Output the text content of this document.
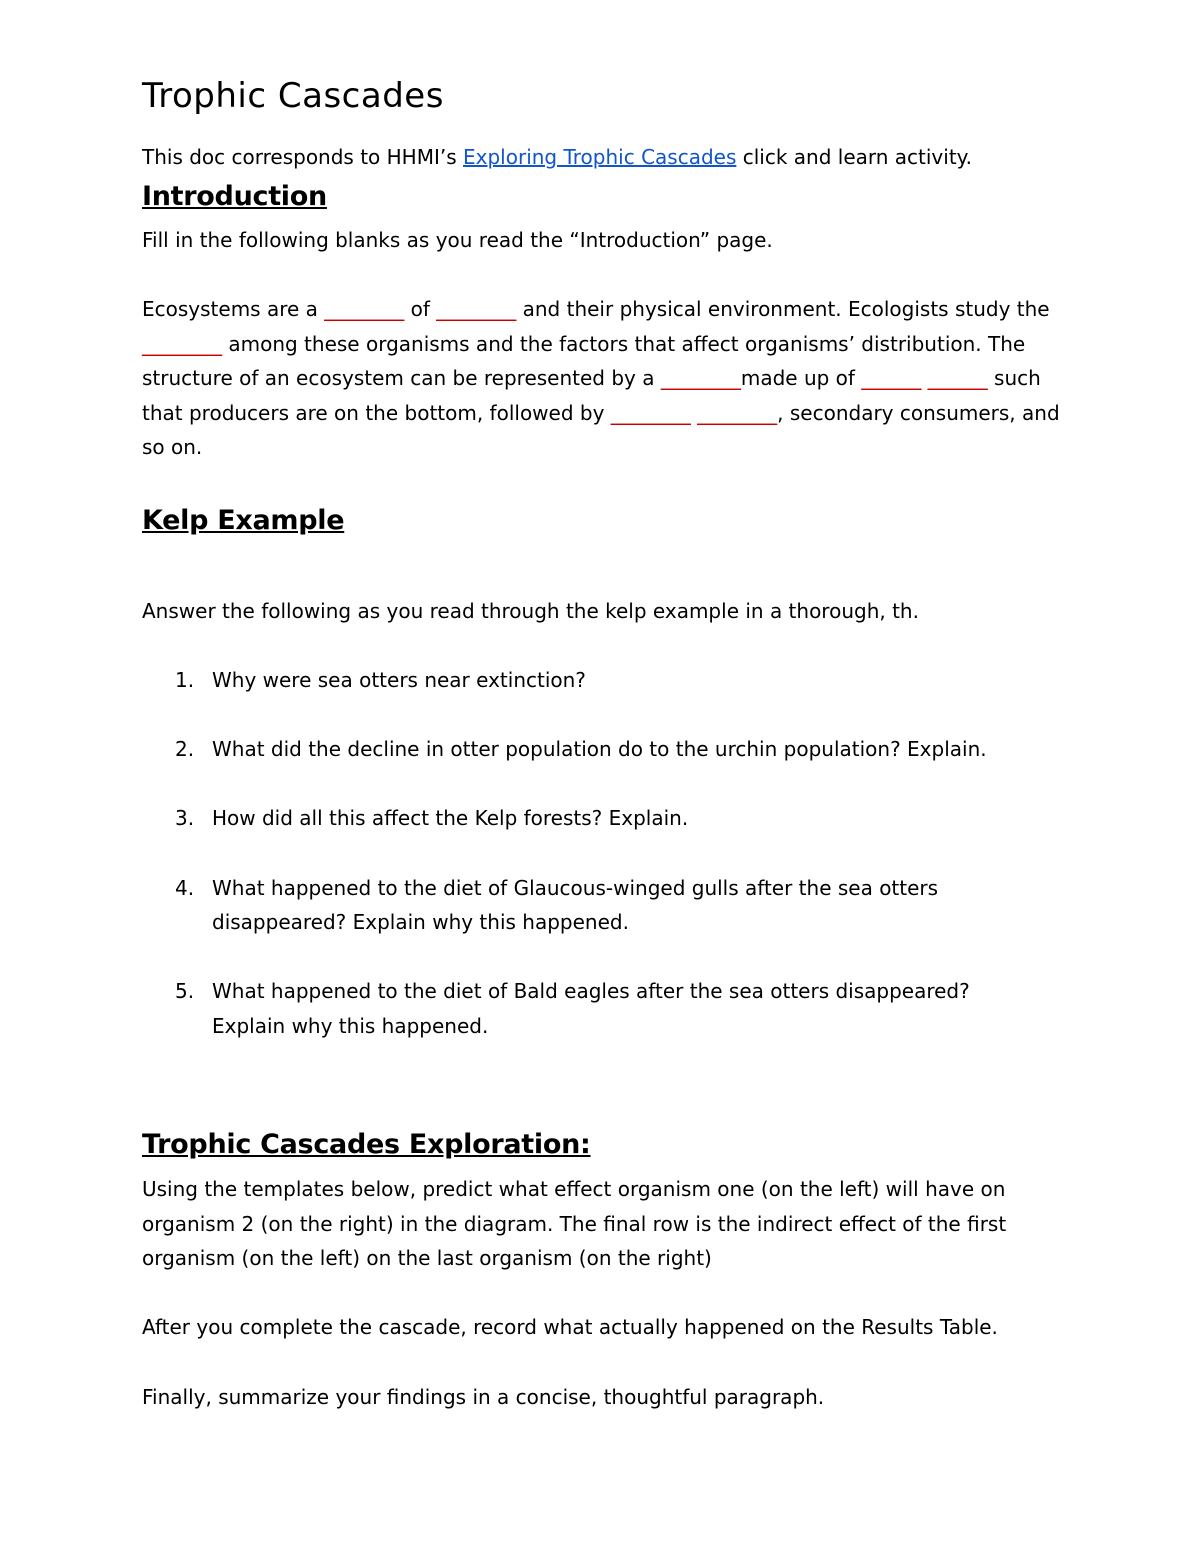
Trophic Cascades

This doc corresponds to HHMI’s Exploring Trophic Cascades click and learn activity.

Introduction

Fill in the following blanks as you read the “Introduction” page.

Ecosystems are a ________ of ________ and their physical environment. Ecologists study the ________ among these organisms and the factors that affect organisms’ distribution. The structure of an ecosystem can be represented by a ________made up of ______ ______ such that producers are on the bottom, followed by ________ ________, secondary consumers, and so on.

Kelp Example

Answer the following as you read through the kelp example in a thorough, th.

1. Why were sea otters near extinction?
2. What did the decline in otter population do to the urchin population? Explain.
3. How did all this affect the Kelp forests? Explain.
4. What happened to the diet of Glaucous-winged gulls after the sea otters disappeared? Explain why this happened.
5. What happened to the diet of Bald eagles after the sea otters disappeared? Explain why this happened.
Trophic Cascades Exploration:

Using the templates below, predict what effect organism one (on the left) will have on organism 2 (on the right) in the diagram. The final row is the indirect effect of the first organism (on the left) on the last organism (on the right)

After you complete the cascade, record what actually happened on the Results Table.

Finally, summarize your findings in a concise, thoughtful paragraph.
